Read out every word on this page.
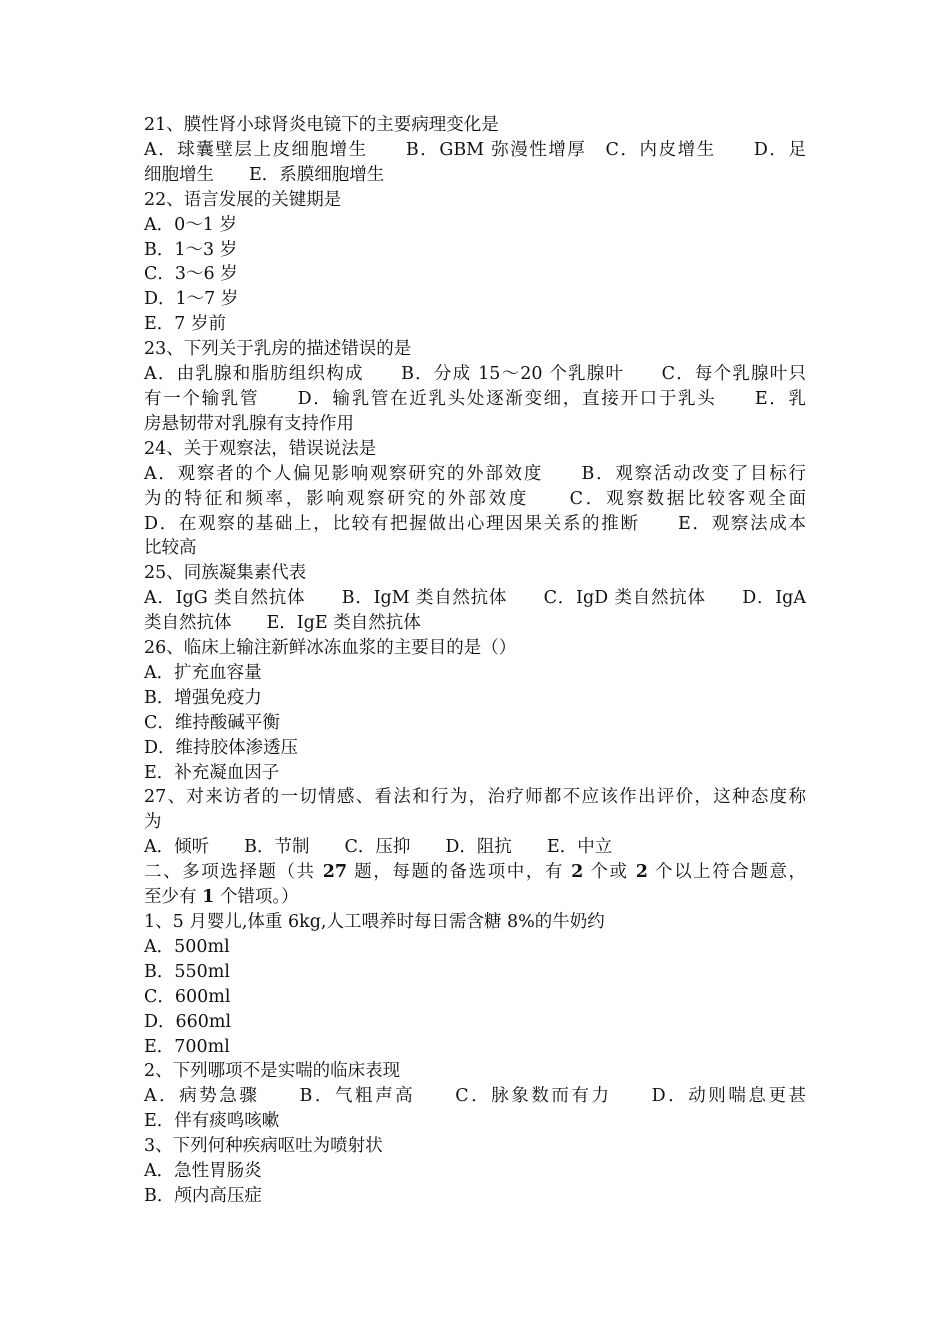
21、膜性肾小球肾炎电镜下的主要病理变化是
A．球囊壁层上皮细胞增生　　B．GBM 弥漫性增厚　C．内皮增生　　D．足
细胞增生　　E．系膜细胞增生
22、语言发展的关键期是
A．0～1 岁
B．1～3 岁
C．3～6 岁
D．1～7 岁
E．7 岁前
23、下列关于乳房的描述错误的是
A．由乳腺和脂肪组织构成　　B．分成 15～20 个乳腺叶　　C．每个乳腺叶只
有一个输乳管　　D．输乳管在近乳头处逐渐变细，直接开口于乳头　　E．乳
房悬韧带对乳腺有支持作用
24、关于观察法，错误说法是
A．观察者的个人偏见影响观察研究的外部效度　　B．观察活动改变了目标行
为的特征和频率，影响观察研究的外部效度　　C．观察数据比较客观全面
D．在观察的基础上，比较有把握做出心理因果关系的推断　　E．观察法成本
比较高
25、同族凝集素代表
A．IgG 类自然抗体　　B．IgM 类自然抗体　　C．IgD 类自然抗体　　D．IgA
类自然抗体　　E．IgE 类自然抗体
26、临床上输注新鲜冰冻血浆的主要目的是（）
A．扩充血容量
B．增强免疫力
C．维持酸碱平衡
D．维持胶体渗透压
E．补充凝血因子
27、对来访者的一切情感、看法和行为，治疗师都不应该作出评价，这种态度称
为
A．倾听　　B．节制　　C．压抑　　D．阻抗　　E．中立
二、多项选择题（共 27 题，每题的备选项中，有 2 个或 2 个以上符合题意，
至少有 1 个错项。）
1、5 月婴儿,体重 6kg,人工喂养时每日需含糖 8%的牛奶约
A．500ml
B．550ml
C．600ml
D．660ml
E．700ml
2、下列哪项不是实喘的临床表现
A．病势急骤　　B．气粗声高　　C．脉象数而有力　　D．动则喘息更甚
E．伴有痰鸣咳嗽
3、下列何种疾病呕吐为喷射状
A．急性胃肠炎
B．颅内高压症
